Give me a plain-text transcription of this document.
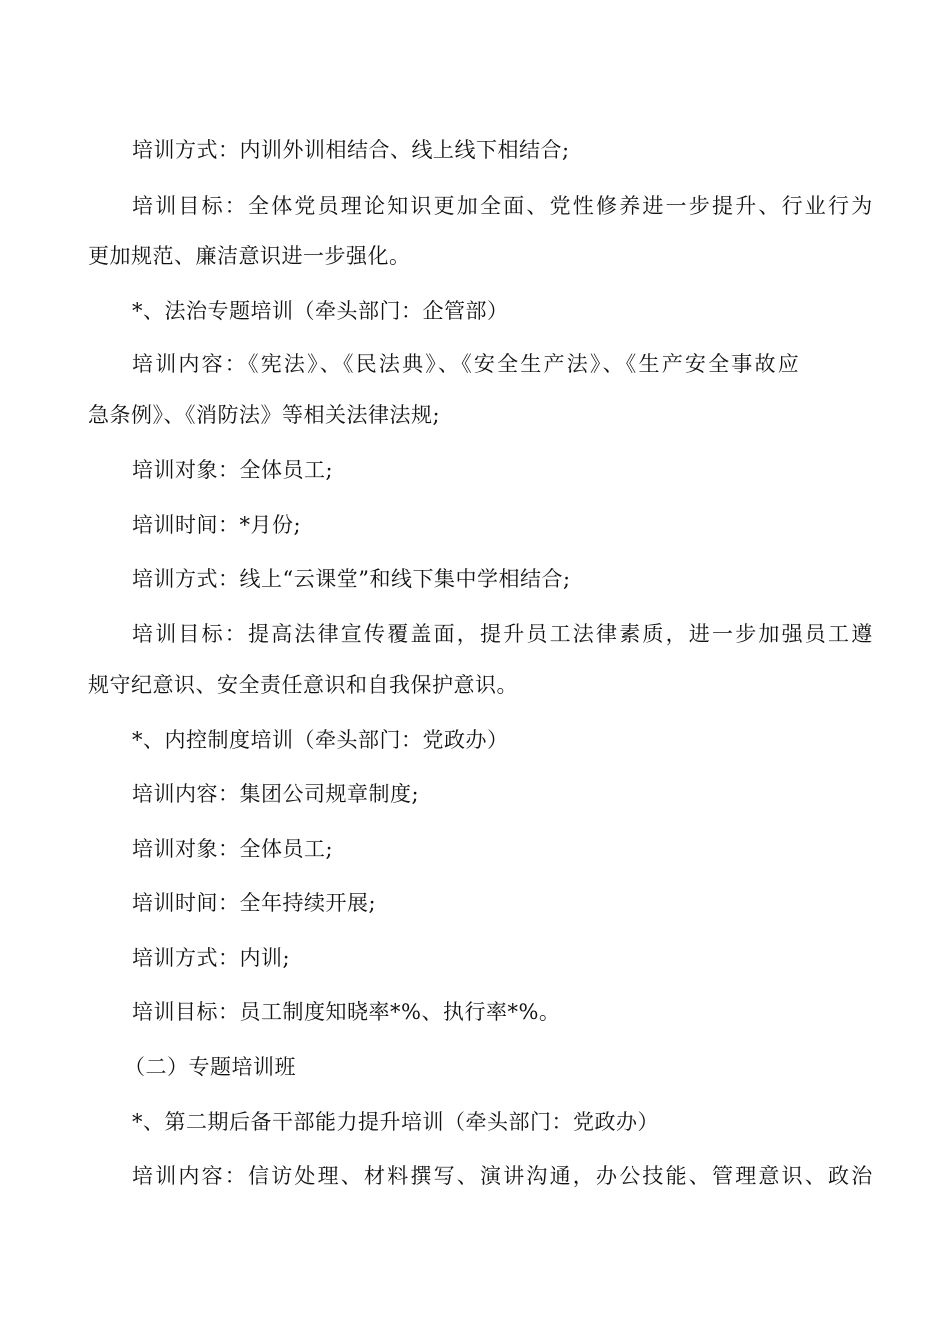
培训方式：内训外训相结合、线上线下相结合;

培训目标：全体党员理论知识更加全面、党性修养进一步提升、行业行为

更加规范、廉洁意识进一步强化。

*、法治专题培训（牵头部门：企管部）

培训内容：《宪法》、《民法典》、《安全生产法》、《生产安全事故应

急条例》、《消防法》等相关法律法规;

培训对象：全体员工;

培训时间：*月份;

培训方式：线上“云课堂”和线下集中学相结合;

培训目标：提高法律宣传覆盖面，提升员工法律素质，进一步加强员工遵

规守纪意识、安全责任意识和自我保护意识。

*、内控制度培训（牵头部门：党政办）

培训内容：集团公司规章制度;

培训对象：全体员工;

培训时间：全年持续开展;

培训方式：内训;

培训目标：员工制度知晓率*%、执行率*%。

（二）专题培训班

*、第二期后备干部能力提升培训（牵头部门：党政办）

培训内容：信访处理、材料撰写、演讲沟通，办公技能、管理意识、政治
